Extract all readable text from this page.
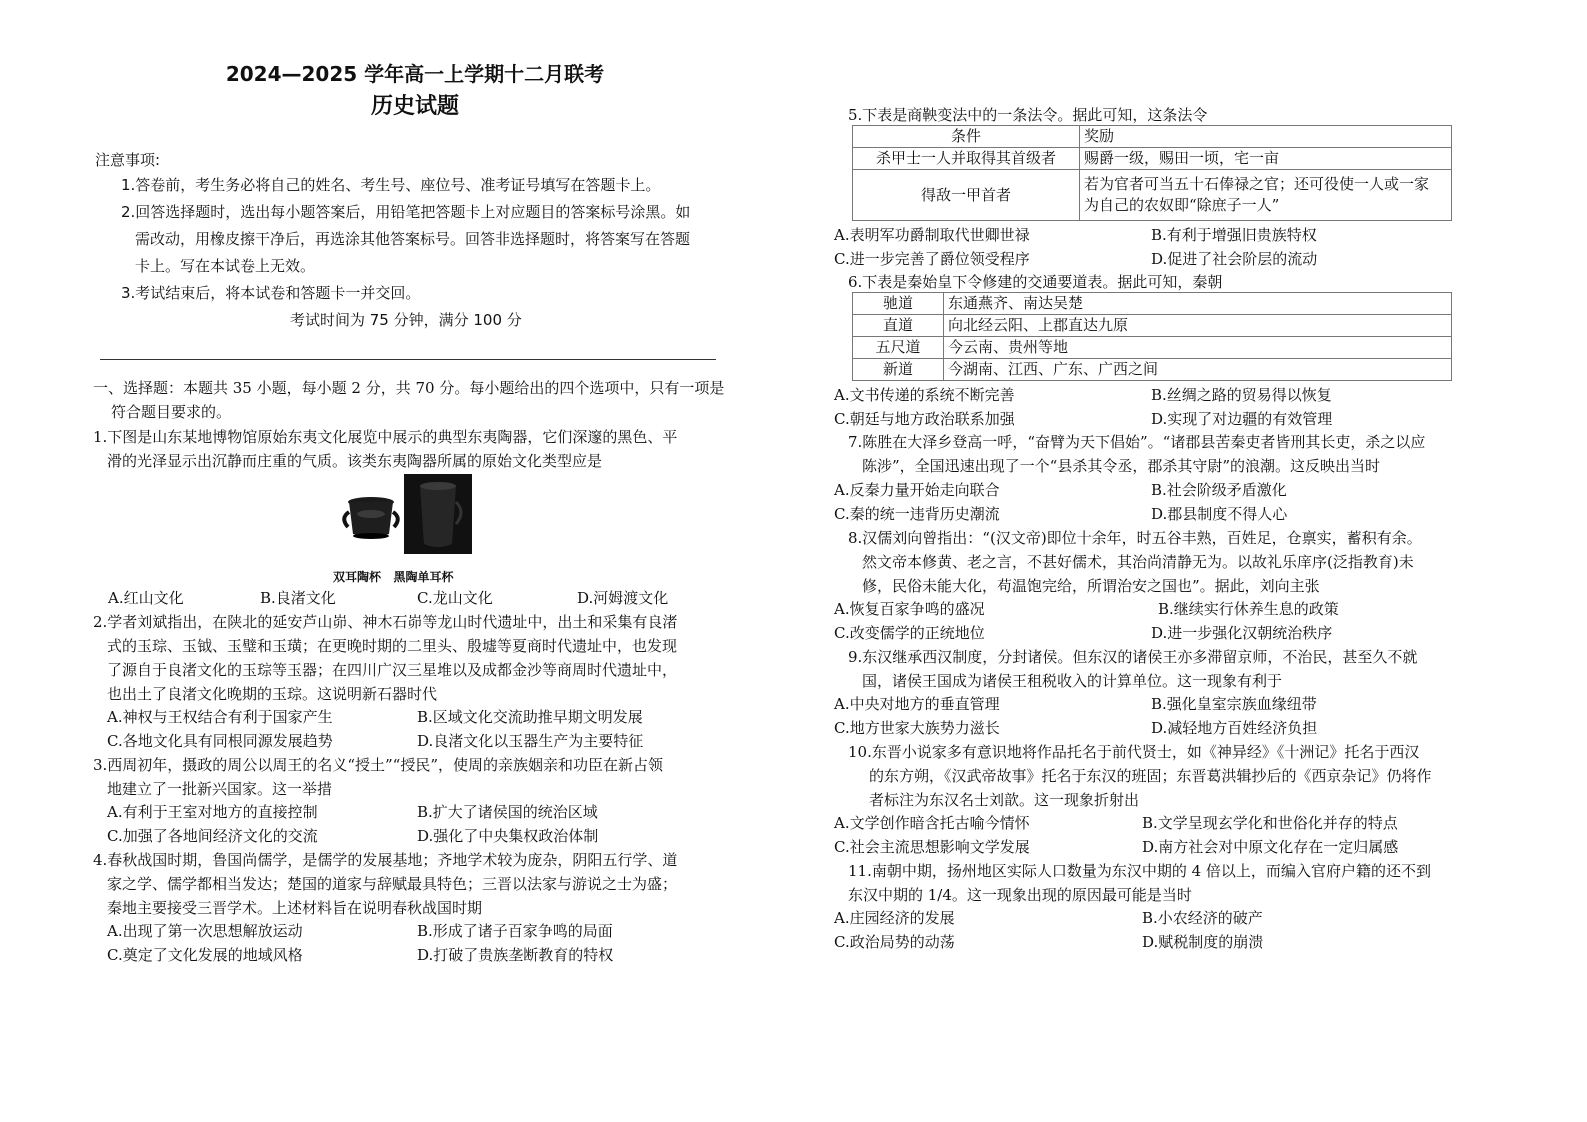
2024—2025 学年高一上学期十二月联考
历史试题
注意事项:
1.答卷前，考生务必将自己的姓名、考生号、座位号、准考证号填写在答题卡上。
2.回答选择题时，选出每小题答案后，用铅笔把答题卡上对应题目的答案标号涂黑。如
需改动，用橡皮擦干净后，再选涂其他答案标号。回答非选择题时，将答案写在答题
卡上。写在本试卷上无效。
3.考试结束后，将本试卷和答题卡一并交回。
考试时间为 75 分钟，满分 100 分
一、选择题：本题共 35 小题，每小题 2 分，共 70 分。每小题给出的四个选项中，只有一项是
符合题目要求的。
1.下图是山东某地博物馆原始东夷文化展览中展示的典型东夷陶器，它们深邃的黑色、平
滑的光泽显示出沉静而庄重的气质。该类东夷陶器所属的原始文化类型应是
双耳陶杯   黑陶单耳杯
A.红山文化	B.良渚文化	C.龙山文化	D.河姆渡文化
2.学者刘斌指出，在陕北的延安芦山峁、神木石峁等龙山时代遗址中，出土和采集有良渚
式的玉琮、玉钺、玉璧和玉璜；在更晚时期的二里头、殷墟等夏商时代遗址中，也发现
了源自于良渚文化的玉琮等玉器；在四川广汉三星堆以及成都金沙等商周时代遗址中，
也出土了良渚文化晚期的玉琮。这说明新石器时代
A.神权与王权结合有利于国家产生	B.区域文化交流助推早期文明发展
C.各地文化具有同根同源发展趋势	D.良渚文化以玉器生产为主要特征
3.西周初年，摄政的周公以周王的名义“授土”“授民”，使周的亲族姻亲和功臣在新占领
地建立了一批新兴国家。这一举措
A.有利于王室对地方的直接控制	B.扩大了诸侯国的统治区域
C.加强了各地间经济文化的交流	D.强化了中央集权政治体制
4.春秋战国时期，鲁国尚儒学，是儒学的发展基地；齐地学术较为庞杂，阴阳五行学、道
家之学、儒学都相当发达；楚国的道家与辞赋最具特色；三晋以法家与游说之士为盛；
秦地主要接受三晋学术。上述材料旨在说明春秋战国时期
A.出现了第一次思想解放运动	B.形成了诸子百家争鸣的局面
C.奠定了文化发展的地域风格	D.打破了贵族垄断教育的特权
5.下表是商鞅变法中的一条法令。据此可知，这条法令
条件	奖励
杀甲士一人并取得其首级者	赐爵一级，赐田一顷，宅一亩
得敌一甲首者	若为官者可当五十石俸禄之官；还可役使一人或一家
为自己的农奴即“除庶子一人”
A.表明军功爵制取代世卿世禄	B.有利于增强旧贵族特权
C.进一步完善了爵位领受程序	D.促进了社会阶层的流动
6.下表是秦始皇下令修建的交通要道表。据此可知，秦朝
驰道	东通燕齐、南达吴楚
直道	向北经云阳、上郡直达九原
五尺道	今云南、贵州等地
新道	今湖南、江西、广东、广西之间
A.文书传递的系统不断完善	B.丝绸之路的贸易得以恢复
C.朝廷与地方政治联系加强	D.实现了对边疆的有效管理
7.陈胜在大泽乡登高一呼，“奋臂为天下倡始”。“诸郡县苦秦吏者皆刑其长吏，杀之以应
陈涉”，全国迅速出现了一个“县杀其令丞，郡杀其守尉”的浪潮。这反映出当时
A.反秦力量开始走向联合	B.社会阶级矛盾激化
C.秦的统一违背历史潮流	D.郡县制度不得人心
8.汉儒刘向曾指出：“(汉文帝)即位十余年，时五谷丰熟，百姓足，仓禀实，蓄积有余。
然文帝本修黄、老之言，不甚好儒术，其治尚清静无为。以故礼乐庠序(泛指教育)未
修，民俗未能大化，苟温饱完给，所谓治安之国也”。据此，刘向主张
A.恢复百家争鸣的盛况	B.继续实行休养生息的政策
C.改变儒学的正统地位	D.进一步强化汉朝统治秩序
9.东汉继承西汉制度，分封诸侯。但东汉的诸侯王亦多滞留京师，不治民，甚至久不就
国，诸侯王国成为诸侯王租税收入的计算单位。这一现象有利于
A.中央对地方的垂直管理	B.强化皇室宗族血缘纽带
C.地方世家大族势力滋长	D.减轻地方百姓经济负担
10.东晋小说家多有意识地将作品托名于前代贤士，如《神异经》《十洲记》托名于西汉
的东方朔，《汉武帝故事》托名于东汉的班固；东晋葛洪辑抄后的《西京杂记》仍将作
者标注为东汉名士刘歆。这一现象折射出
A.文学创作暗含托古喻今情怀	B.文学呈现玄学化和世俗化并存的特点
C.社会主流思想影响文学发展	D.南方社会对中原文化存在一定归属感
11.南朝中期，扬州地区实际人口数量为东汉中期的 4 倍以上，而编入官府户籍的还不到
东汉中期的 1/4。这一现象出现的原因最可能是当时
A.庄园经济的发展	B.小农经济的破产
C.政治局势的动荡	D.赋税制度的崩溃
